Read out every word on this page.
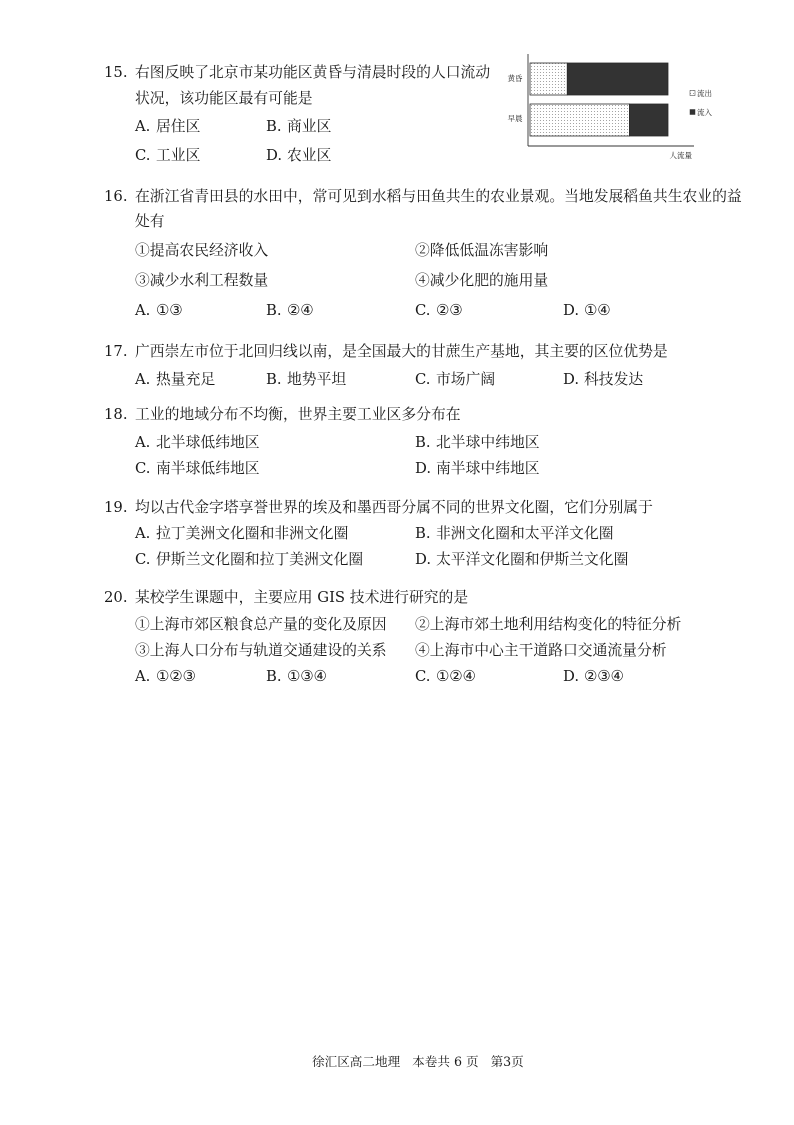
15. 右图反映了北京市某功能区黄昏与清晨时段的人口流动
状况，该功能区最有可能是
A. 居住区	B. 商业区
C. 工业区	D. 农业区
黄昏
早晨
流出
流入
人流量
16. 在浙江省青田县的水田中，常可见到水稻与田鱼共生的农业景观。当地发展稻鱼共生农业的益
处有
①提高农民经济收入	②降低低温冻害影响
③减少水利工程数量	④减少化肥的施用量
A. ①③	B. ②④	C. ②③	D. ①④
17. 广西崇左市位于北回归线以南，是全国最大的甘蔗生产基地，其主要的区位优势是
A. 热量充足	B. 地势平坦	C. 市场广阔	D. 科技发达
18. 工业的地域分布不均衡，世界主要工业区多分布在
A. 北半球低纬地区	B. 北半球中纬地区
C. 南半球低纬地区	D. 南半球中纬地区
19. 均以古代金字塔享誉世界的埃及和墨西哥分属不同的世界文化圈，它们分别属于
A. 拉丁美洲文化圈和非洲文化圈	B. 非洲文化圈和太平洋文化圈
C. 伊斯兰文化圈和拉丁美洲文化圈	D. 太平洋文化圈和伊斯兰文化圈
20. 某校学生课题中，主要应用 GIS 技术进行研究的是
①上海市郊区粮食总产量的变化及原因 ②上海市郊土地利用结构变化的特征分析
③上海人口分布与轨道交通建设的关系 ④上海市中心主干道路口交通流量分析
A. ①②③	B. ①③④	C. ①②④	D. ②③④
徐汇区高二地理 本卷共 6 页 第3页
